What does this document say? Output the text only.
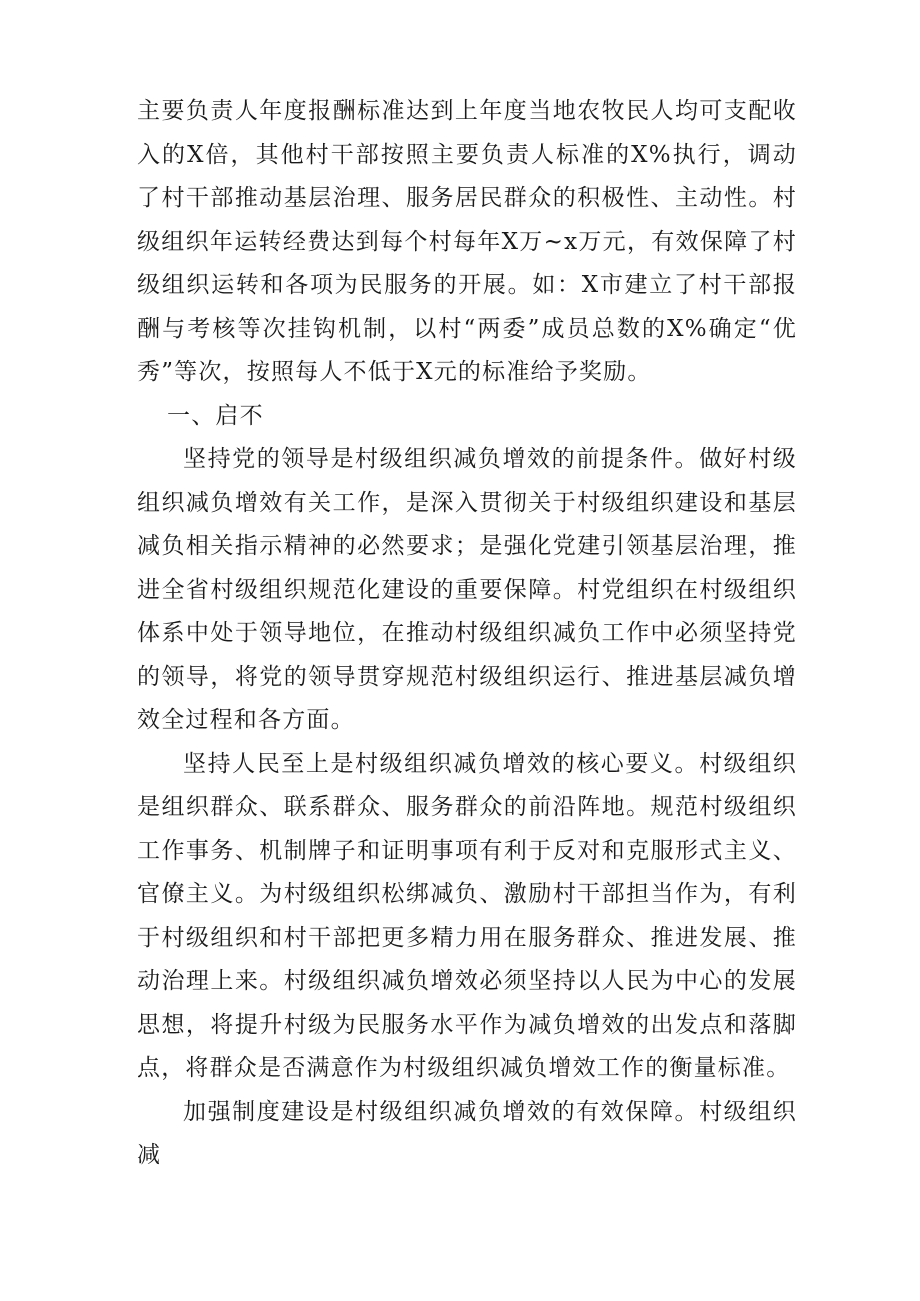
主要负责人年度报酬标准达到上年度当地农牧民人均可支配收入的X倍，其他村干部按照主要负责人标准的X%执行，调动了村干部推动基层治理、服务居民群众的积极性、主动性。村级组织年运转经费达到每个村每年X万~x万元，有效保障了村级组织运转和各项为民服务的开展。如：X市建立了村干部报酬与考核等次挂钩机制，以村“两委”成员总数的X%确定“优秀”等次，按照每人不低于X元的标准给予奖励。

一、启不

坚持党的领导是村级组织减负增效的前提条件。做好村级组织减负增效有关工作，是深入贯彻关于村级组织建设和基层减负相关指示精神的必然要求；是强化党建引领基层治理，推进全省村级组织规范化建设的重要保障。村党组织在村级组织体系中处于领导地位，在推动村级组织减负工作中必须坚持党的领导，将党的领导贯穿规范村级组织运行、推进基层减负增效全过程和各方面。

坚持人民至上是村级组织减负增效的核心要义。村级组织是组织群众、联系群众、服务群众的前沿阵地。规范村级组织工作事务、机制牌子和证明事项有利于反对和克服形式主义、官僚主义。为村级组织松绑减负、激励村干部担当作为，有利于村级组织和村干部把更多精力用在服务群众、推进发展、推动治理上来。村级组织减负增效必须坚持以人民为中心的发展思想，将提升村级为民服务水平作为减负增效的出发点和落脚点，将群众是否满意作为村级组织减负增效工作的衡量标准。

加强制度建设是村级组织减负增效的有效保障。村级组织减
